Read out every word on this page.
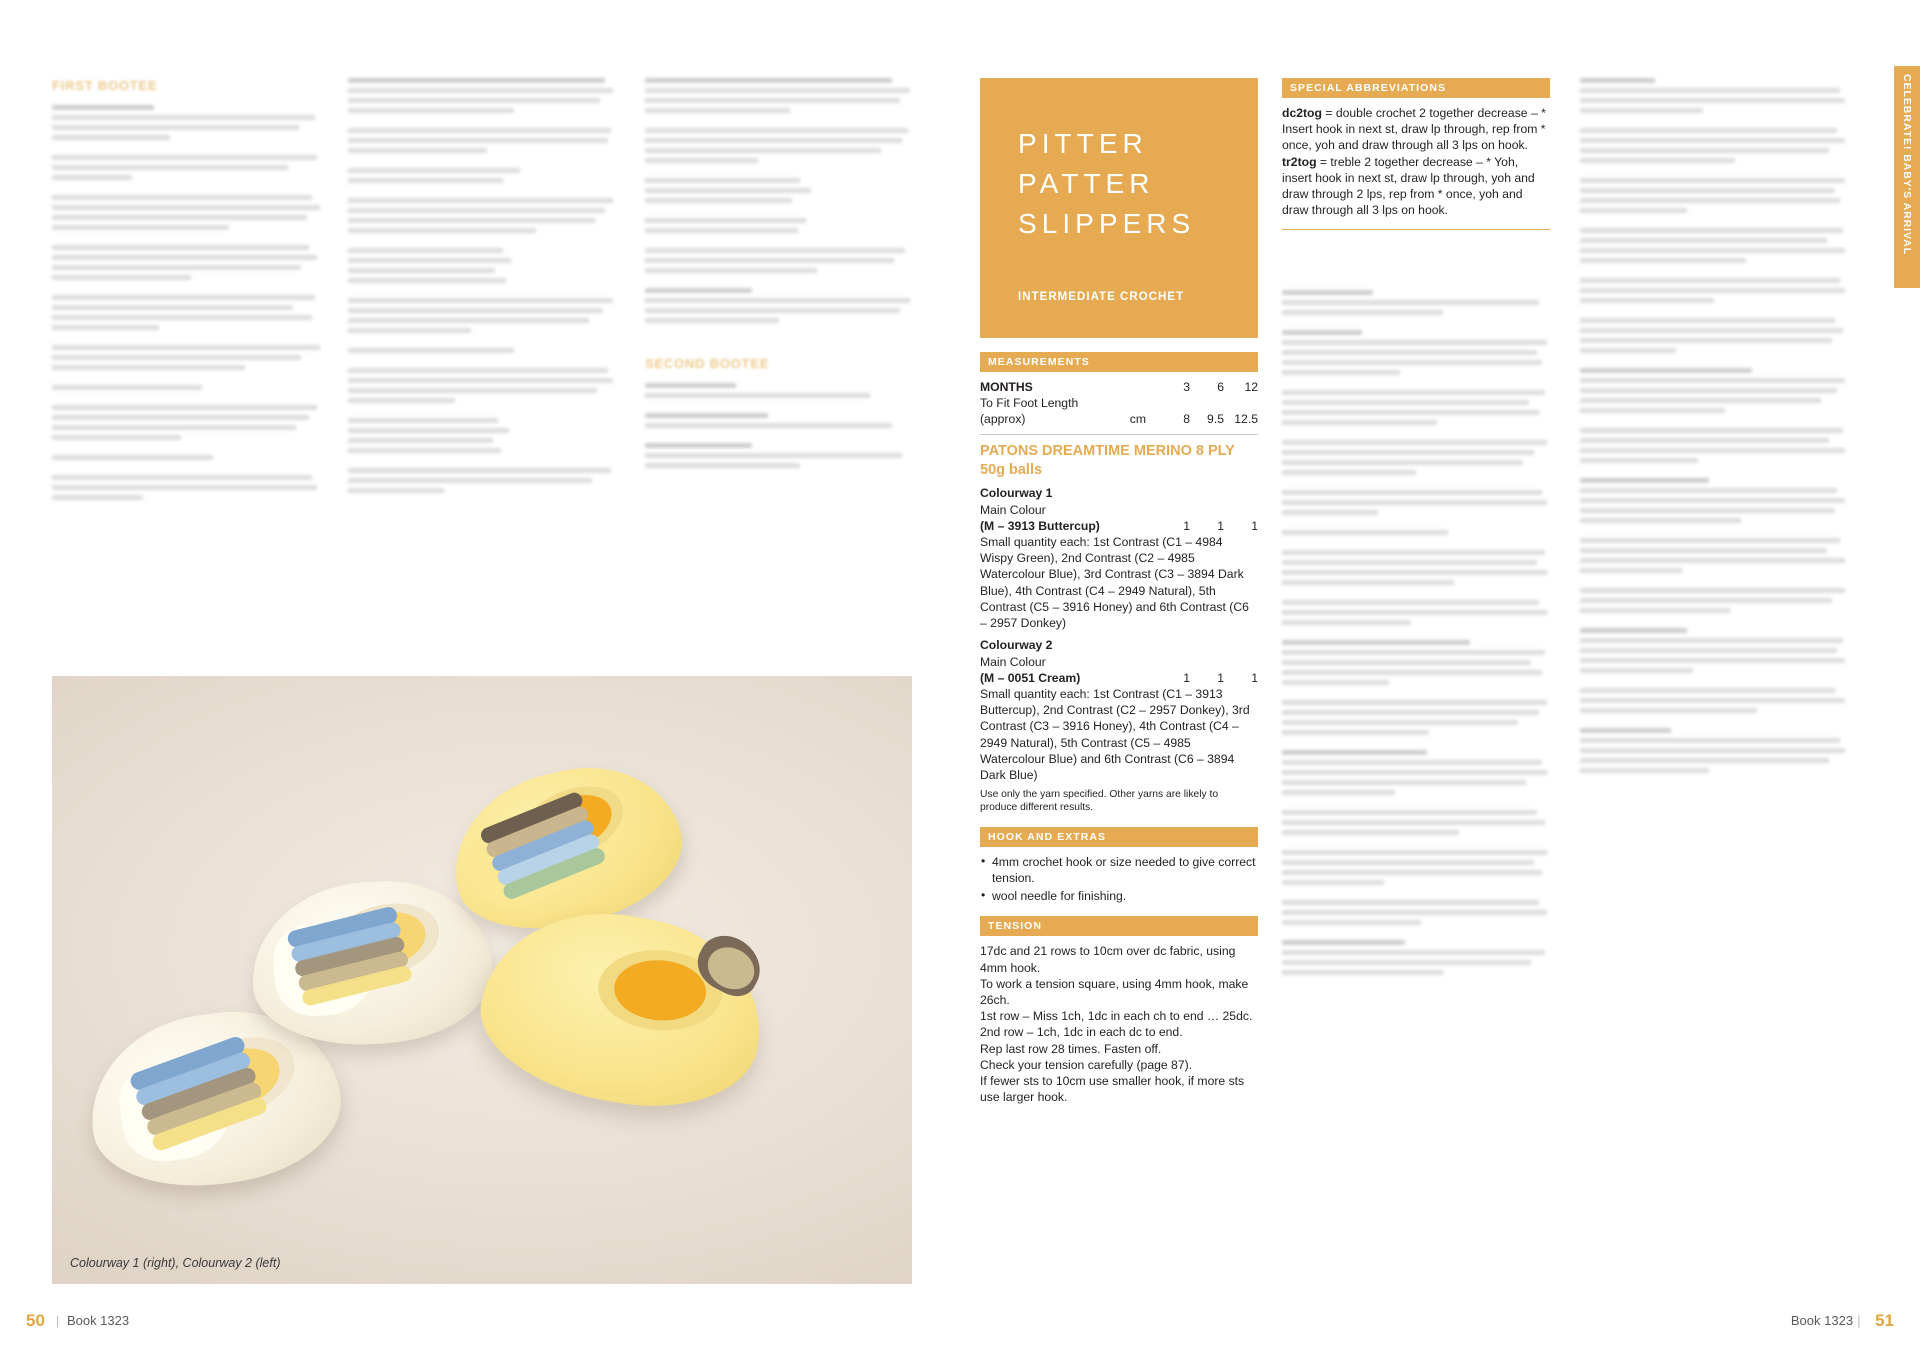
FIRST BOOTEE
SECOND BOOTEE
Colourway 1 (right), Colourway 2 (left)
50 | Book 1323
PITTER PATTER SLIPPERS
INTERMEDIATE CROCHET
MEASUREMENTS
MONTHS		3	6	12
To Fit Foot Length				
(approx)	cm	8	9.5	12.5
PATONS DREAMTIME MERINO 8 PLY 50g balls
Colourway 1
Main Colour
(M – 3913 Buttercup)	1	1	1
Small quantity each: 1st Contrast (C1 – 4984 Wispy Green), 2nd Contrast (C2 – 4985 Watercolour Blue), 3rd Contrast (C3 – 3894 Dark Blue), 4th Contrast (C4 – 2949 Natural), 5th Contrast (C5 – 3916 Honey) and 6th Contrast (C6 – 2957 Donkey)
Colourway 2
Main Colour
(M – 0051 Cream)	1	1	1
Small quantity each: 1st Contrast (C1 – 3913 Buttercup), 2nd Contrast (C2 – 2957 Donkey), 3rd Contrast (C3 – 3916 Honey), 4th Contrast (C4 – 2949 Natural), 5th Contrast (C5 – 4985 Watercolour Blue) and 6th Contrast (C6 – 3894 Dark Blue)
Use only the yarn specified. Other yarns are likely to produce different results.
HOOK AND EXTRAS
• 4mm crochet hook or size needed to give correct tension.
• wool needle for finishing.
TENSION
17dc and 21 rows to 10cm over dc fabric, using 4mm hook.
To work a tension square, using 4mm hook, make 26ch.
1st row – Miss 1ch, 1dc in each ch to end … 25dc.
2nd row – 1ch, 1dc in each dc to end.
Rep last row 28 times. Fasten off.
Check your tension carefully (page 87).
If fewer sts to 10cm use smaller hook, if more sts use larger hook.
SPECIAL ABBREVIATIONS
dc2tog = double crochet 2 together decrease – * Insert hook in next st, draw lp through, rep from * once, yoh and draw through all 3 lps on hook.
tr2tog = treble 2 together decrease – * Yoh, insert hook in next st, draw lp through, yoh and draw through 2 lps, rep from * once, yoh and draw through all 3 lps on hook.	CELEBRATE! BABY'S ARRIVAL
Book 1323 | 51
